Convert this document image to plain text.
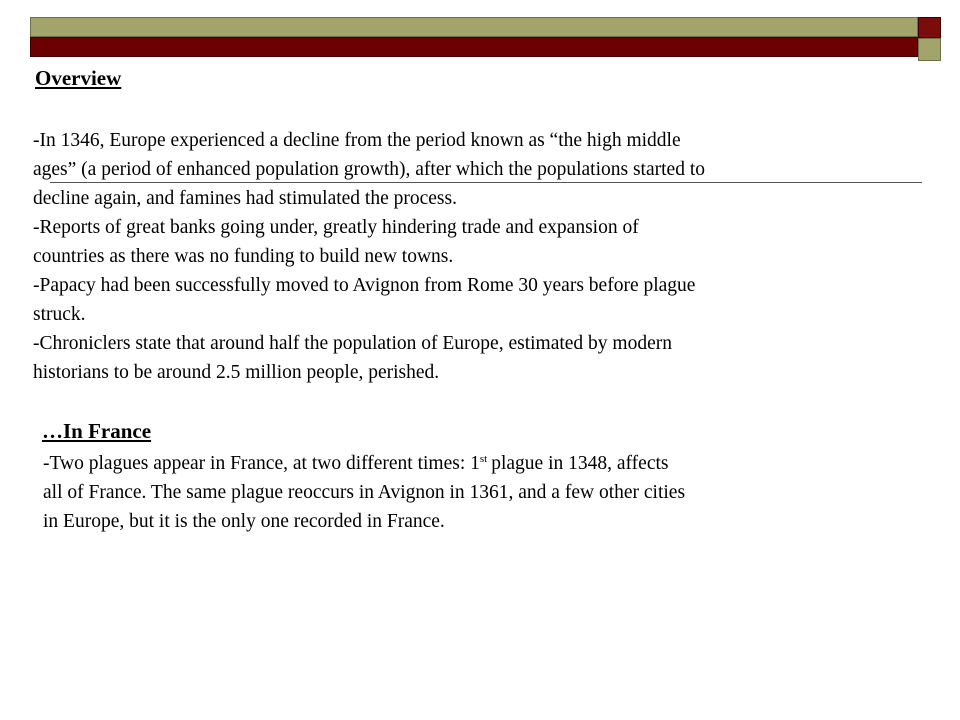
Overview
-In 1346, Europe experienced a decline from the period known as “the high middle
ages” (a period of enhanced population growth), after which the populations started to
decline again, and famines had stimulated the process.
-Reports of great banks going under, greatly hindering trade and expansion of
countries as there was no funding to build new towns.
-Papacy had been successfully moved to Avignon from Rome 30 years before plague
struck.
-Chroniclers state that around half the population of Europe, estimated by modern
historians to be around 2.5 million people, perished.
…In France
-Two plagues appear in France, at two different times: 1st plague in 1348, affects
all of France. The same plague reoccurs in Avignon in 1361, and a few other cities
in Europe, but it is the only one recorded in France.
